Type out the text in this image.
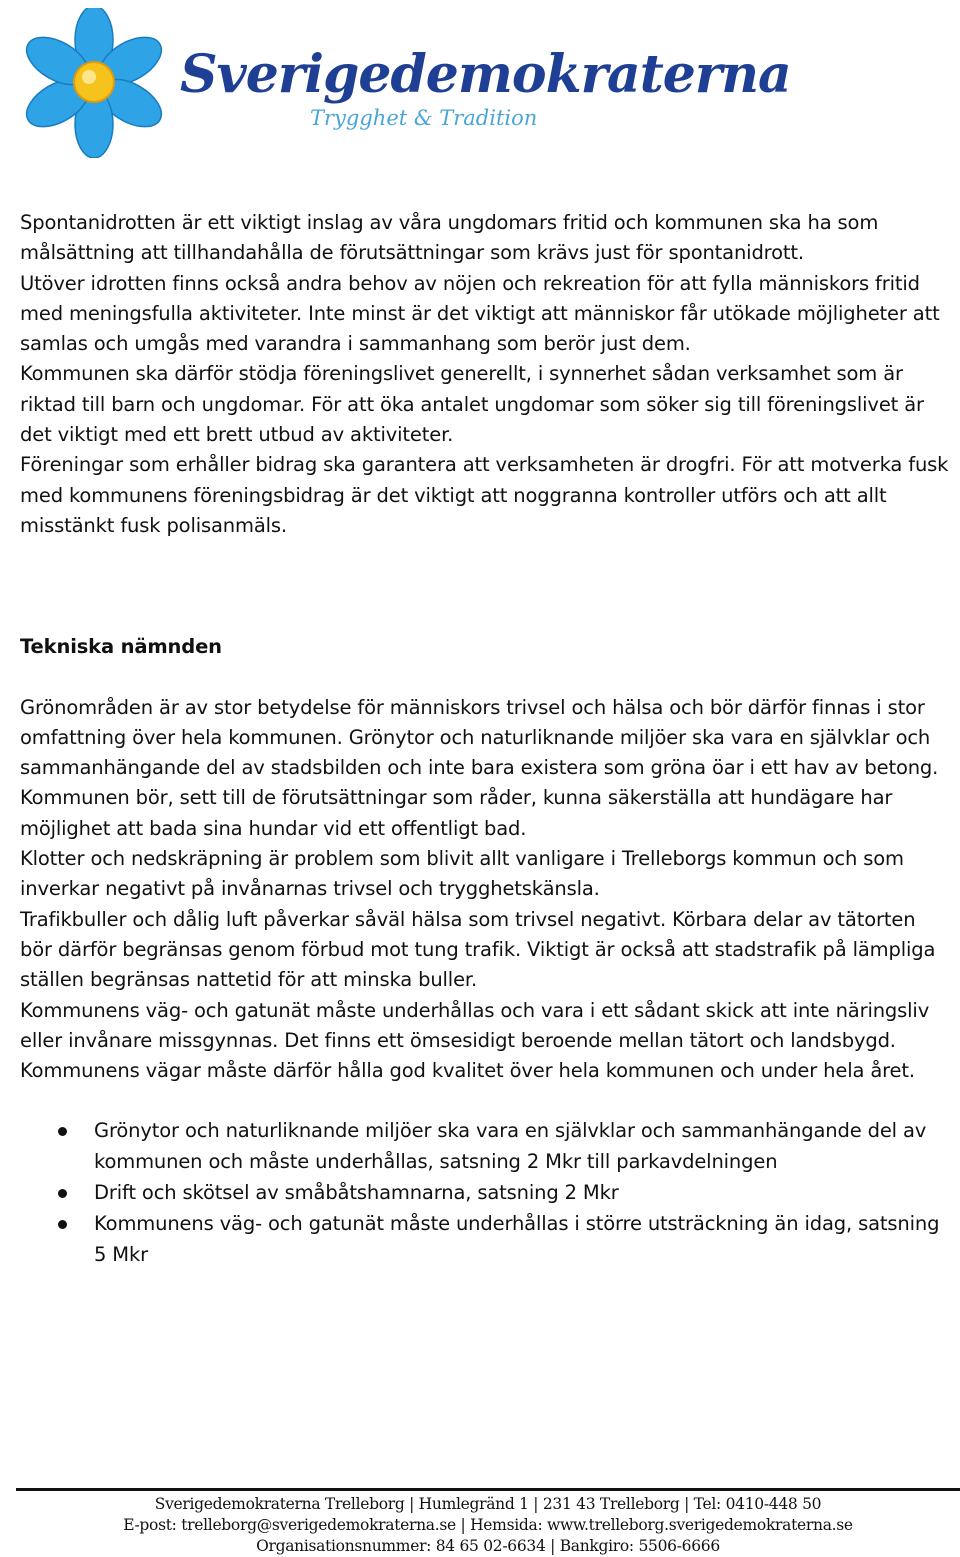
Sverigedemokraterna
Trygghet & Tradition

Spontanidrotten är ett viktigt inslag av våra ungdomars fritid och kommunen ska ha som målsättning att tillhandahålla de förutsättningar som krävs just för spontanidrott.

Utöver idrotten finns också andra behov av nöjen och rekreation för att fylla människors fritid med meningsfulla aktiviteter. Inte minst är det viktigt att människor får utökade möjligheter att samlas och umgås med varandra i sammanhang som berör just dem.

Kommunen ska därför stödja föreningslivet generellt, i synnerhet sådan verksamhet som är riktad till barn och ungdomar. För att öka antalet ungdomar som söker sig till föreningslivet är det viktigt med ett brett utbud av aktiviteter.

Föreningar som erhåller bidrag ska garantera att verksamheten är drogfri. För att motverka fusk med kommunens föreningsbidrag är det viktigt att noggranna kontroller utförs och att allt misstänkt fusk polisanmäls.

Tekniska nämnden

Grönområden är av stor betydelse för människors trivsel och hälsa och bör därför finnas i stor omfattning över hela kommunen. Grönytor och naturliknande miljöer ska vara en självklar och sammanhängande del av stadsbilden och inte bara existera som gröna öar i ett hav av betong. Kommunen bör, sett till de förutsättningar som råder, kunna säkerställa att hundägare har möjlighet att bada sina hundar vid ett offentligt bad.

Klotter och nedskräpning är problem som blivit allt vanligare i Trelleborgs kommun och som inverkar negativt på invånarnas trivsel och trygghetskänsla.

Trafikbuller och dålig luft påverkar såväl hälsa som trivsel negativt. Körbara delar av tätorten bör därför begränsas genom förbud mot tung trafik. Viktigt är också att stadstrafik på lämpliga ställen begränsas nattetid för att minska buller.

Kommunens väg- och gatunät måste underhållas och vara i ett sådant skick att inte näringsliv eller invånare missgynnas. Det finns ett ömsesidigt beroende mellan tätort och landsbygd. Kommunens vägar måste därför hålla god kvalitet över hela kommunen och under hela året.

Grönytor och naturliknande miljöer ska vara en självklar och sammanhängande del av kommunen och måste underhållas, satsning 2 Mkr till parkavdelningen
Drift och skötsel av småbåtshamnarna, satsning 2 Mkr
Kommunens väg- och gatunät måste underhållas i större utsträckning än idag, satsning 5 Mkr
Sverigedemokraterna Trelleborg | Humlegränd 1 | 231 43 Trelleborg | Tel: 0410-448 50
E-post: trelleborg@sverigedemokraterna.se | Hemsida: www.trelleborg.sverigedemokraterna.se
Organisationsnummer: 84 65 02-6634 | Bankgiro: 5506-6666
